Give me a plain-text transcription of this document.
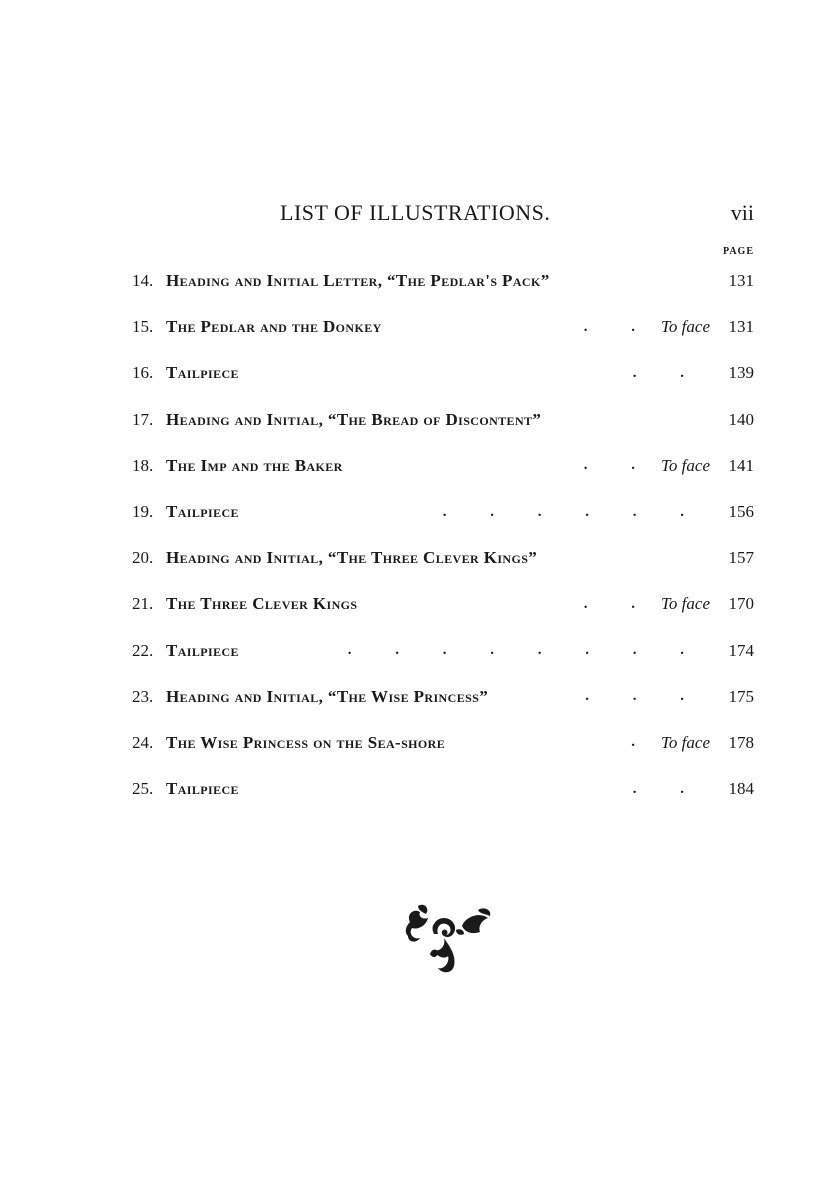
LIST OF ILLUSTRATIONS.	vii
PAGE
14. Heading and Initial Letter, “The Pedlar's Pack”	131
15. The Pedlar and the Donkey	. . To face	131
16. Tailpiece	. .	139
17. Heading and Initial, “The Bread of Discontent”	140
18. The Imp and the Baker	. . To face	141
19. Tailpiece	. . . . . .	156
20. Heading and Initial, “The Three Clever Kings”	157
21. The Three Clever Kings	. . To face	170
22. Tailpiece	. . . . . . . .	174
23. Heading and Initial, “The Wise Princess”	. . .	175
24. The Wise Princess on the Sea-shore	. To face	178
25. Tailpiece	. .	184
